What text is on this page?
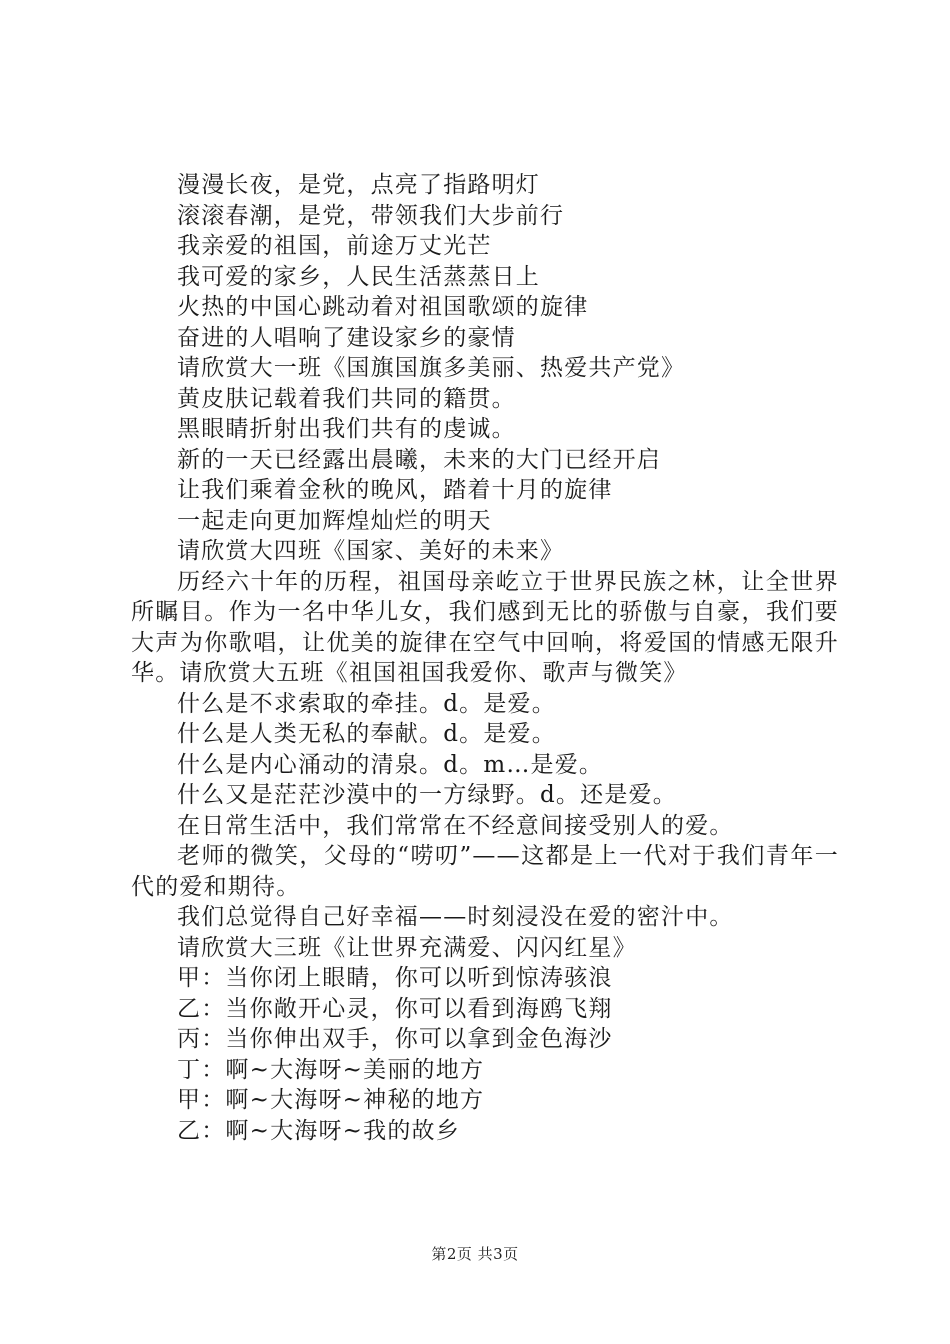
漫漫长夜，是党，点亮了指路明灯

滚滚春潮，是党，带领我们大步前行

我亲爱的祖国，前途万丈光芒

我可爱的家乡，人民生活蒸蒸日上

火热的中国心跳动着对祖国歌颂的旋律

奋进的人唱响了建设家乡的豪情

请欣赏大一班《国旗国旗多美丽、热爱共产党》

黄皮肤记载着我们共同的籍贯。

黑眼睛折射出我们共有的虔诚。

新的一天已经露出晨曦，未来的大门已经开启

让我们乘着金秋的晚风，踏着十月的旋律

一起走向更加辉煌灿烂的明天

请欣赏大四班《国家、美好的未来》

历经六十年的历程，祖国母亲屹立于世界民族之林，让全世界所瞩目。作为一名中华儿女，我们感到无比的骄傲与自豪，我们要大声为你歌唱，让优美的旋律在空气中回响，将爱国的情感无限升华。请欣赏大五班《祖国祖国我爱你、歌声与微笑》

什么是不求索取的牵挂。d。是爱。

什么是人类无私的奉献。d。是爱。

什么是内心涌动的清泉。d。m…是爱。

什么又是茫茫沙漠中的一方绿野。d。还是爱。

在日常生活中，我们常常在不经意间接受别人的爱。

老师的微笑，父母的“唠叨”——这都是上一代对于我们青年一代的爱和期待。

我们总觉得自己好幸福——时刻浸没在爱的密汁中。

请欣赏大三班《让世界充满爱、闪闪红星》

甲：当你闭上眼睛，你可以听到惊涛骇浪

乙：当你敞开心灵，你可以看到海鸥飞翔

丙：当你伸出双手，你可以拿到金色海沙

丁：啊~大海呀~美丽的地方

甲：啊~大海呀~神秘的地方

乙：啊~大海呀~我的故乡

第2页 共3页
